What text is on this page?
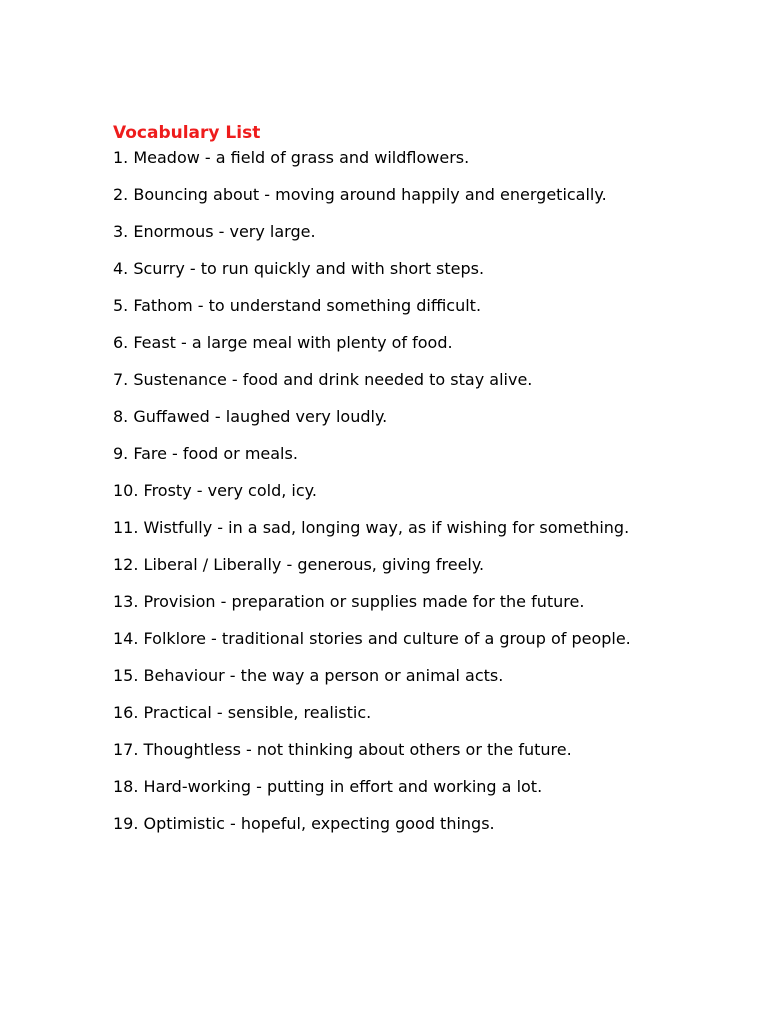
Vocabulary List
1. Meadow - a field of grass and wildflowers.
2. Bouncing about - moving around happily and energetically.
3. Enormous - very large.
4. Scurry - to run quickly and with short steps.
5. Fathom - to understand something difficult.
6. Feast - a large meal with plenty of food.
7. Sustenance - food and drink needed to stay alive.
8. Guffawed - laughed very loudly.
9. Fare - food or meals.
10. Frosty - very cold, icy.
11. Wistfully - in a sad, longing way, as if wishing for something.
12. Liberal / Liberally - generous, giving freely.
13. Provision - preparation or supplies made for the future.
14. Folklore - traditional stories and culture of a group of people.
15. Behaviour - the way a person or animal acts.
16. Practical - sensible, realistic.
17. Thoughtless - not thinking about others or the future.
18. Hard-working - putting in effort and working a lot.
19. Optimistic - hopeful, expecting good things.
